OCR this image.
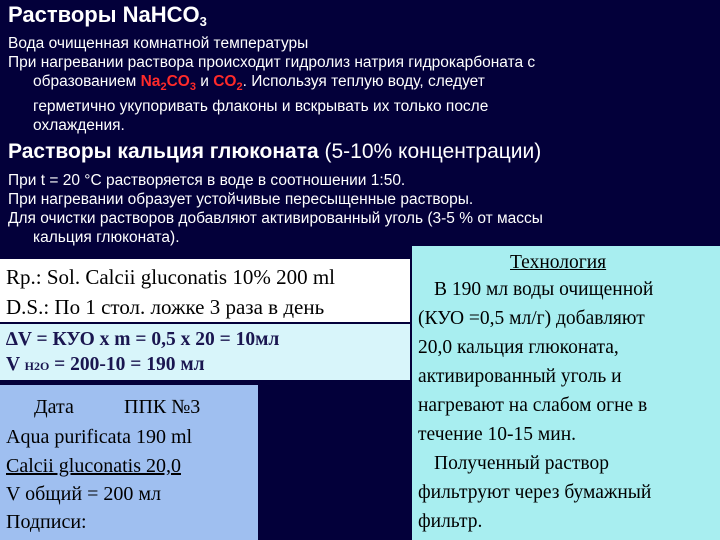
Растворы NaHCO$_3$
Вода очищенная комнатной температуры
При нагревании раствора происходит гидролиз натрия гидрокарбоната с
образованием $Na_2CO_3$ и $CO_2$. Используя теплую воду, следует
герметично укупоривать флаконы и вскрывать их только после
охлаждения.
Растворы кальция глюконата (5-10% концентрации)
При t = 20 °С растворяется в воде в соотношении 1:50.
При нагревании образует устойчивые пересыщенные растворы.
Для очистки растворов добавляют активированный уголь (3-5 % от массы
кальция глюконата).
Rp.: Sol. Calcii gluconatis 10% 200 ml
D.S.: По 1 стол. ложке 3 раза в день
∆V = КУО х m = 0,5 х 20 = 10мл
V H2O = 200-10 = 190 мл
Дата	ППК №3
Aqua purificata 190 ml
Calcii gluconatis 20,0
V общий = 200 мл
Подписи:
Технология
В 190 мл воды очищенной
(КУО =0,5 мл/г) добавляют
20,0 кальция глюконата,
активированный уголь и
нагревают на слабом огне в
течение 10-15 мин.
Полученный раствор
фильтруют через бумажный
фильтр.
